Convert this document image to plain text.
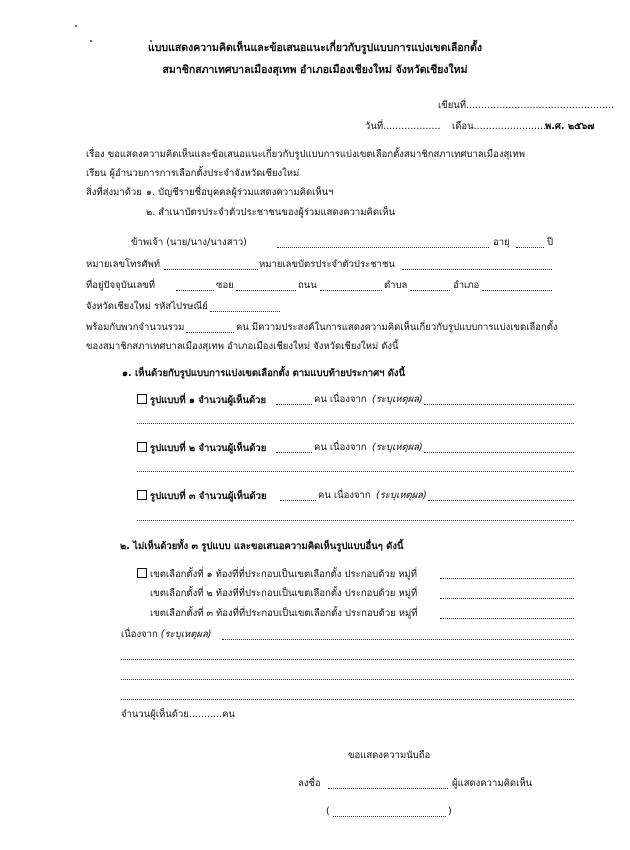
แบบแสดงความคิดเห็นและข้อเสนอแนะเกี่ยวกับรูปแบบการแบ่งเขตเลือกตั้ง
สมาชิกสภาเทศบาลเมืองสุเทพ อำเภอเมืองเชียงใหม่ จังหวัดเชียงใหม่
เขียนที่.................................................
วันที่................... เดือน............................
พ.ศ. ๒๕๖๗
เรื่อง ขอแสดงความคิดเห็นและข้อเสนอแนะเกี่ยวกับรูปแบบการแบ่งเขตเลือกตั้งสมาชิกสภาเทศบาลเมืองสุเทพ
เรียน ผู้อำนวยการการเลือกตั้งประจำจังหวัดเชียงใหม่
สิ่งที่ส่งมาด้วย ๑. บัญชีรายชื่อบุคคลผู้ร่วมแสดงความคิดเห็นฯ
๒. สำเนาบัตรประจำตัวประชาชนของผู้ร่วมแสดงความคิดเห็น
ข้าพเจ้า (นาย/นาง/นางสาว)	อายุ	ปี
หมายเลขโทรศัพท์	หมายเลขบัตรประจำตัวประชาชน
ที่อยู่ปัจจุบันเลขที่	ซอย	ถนน	ตำบล	อำเภอ
จังหวัดเชียงใหม่ รหัสไปรษณีย์
พร้อมกับพวกจำนวนรวม	คน มีความประสงค์ในการแสดงความคิดเห็นเกี่ยวกับรูปแบบการแบ่งเขตเลือกตั้ง
ของสมาชิกสภาเทศบาลเมืองสุเทพ อำเภอเมืองเชียงใหม่ จังหวัดเชียงใหม่ ดังนี้
๑. เห็นด้วยกับรูปแบบการแบ่งเขตเลือกตั้ง ตามแบบท้ายประกาศฯ ดังนี้
รูปแบบที่ ๑ จำนวนผู้เห็นด้วย	คน เนื่องจาก (ระบุเหตุผล)
รูปแบบที่ ๒ จำนวนผู้เห็นด้วย	คน เนื่องจาก (ระบุเหตุผล)
รูปแบบที่ ๓ จำนวนผู้เห็นด้วย	คน เนื่องจาก (ระบุเหตุผล)
๒. ไม่เห็นด้วยทั้ง ๓ รูปแบบ และขอเสนอความคิดเห็นรูปแบบอื่นๆ ดังนี้
เขตเลือกตั้งที่ ๑ ท้องที่ที่ประกอบเป็นเขตเลือกตั้ง ประกอบด้วย หมู่ที่
เขตเลือกตั้งที่ ๒ ท้องที่ที่ประกอบเป็นเขตเลือกตั้ง ประกอบด้วย หมู่ที่
เขตเลือกตั้งที่ ๓ ท้องที่ที่ประกอบเป็นเขตเลือกตั้ง ประกอบด้วย หมู่ที่
เนื่องจาก (ระบุเหตุผล)
จำนวนผู้เห็นด้วย...........คน
ขอแสดงความนับถือ
ลงชื่อ	ผู้แสดงความคิดเห็น
(	)
